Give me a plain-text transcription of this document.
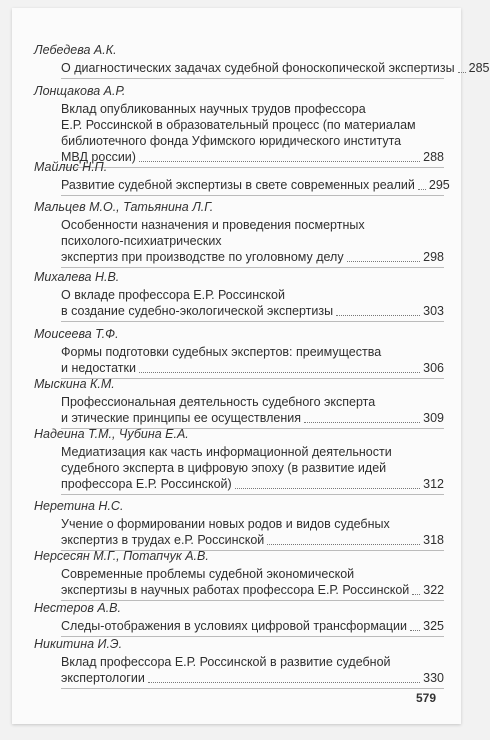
Лебедева А.К.
О диагностических задачах судебной фоноскопической экспертизы 285
Лонщакова А.Р.
Вклад опубликованных научных трудов профессора
Е.Р. Россинской в образовательный процесс (по материалам
библиотечного фонда Уфимского юридического института
МВД россии)	288
Майлис Н.П.
Развитие судебной экспертизы в свете современных реалий 295
Мальцев М.О., Татьянина Л.Г.
Особенности назначения и проведения посмертных
психолого-психиатрических
экспертиз при производстве по уголовному делу	298
Михалева Н.В.
О вкладе профессора Е.Р. Россинской
в создание судебно-экологической экспертизы	303
Моисеева Т.Ф.
Формы подготовки судебных экспертов: преимущества
и недостатки	306
Мыскина К.М.
Профессиональная деятельность судебного эксперта
и этические принципы ее осуществления	309
Надеина Т.М., Чубина Е.А.
Медиатизация как часть информационной деятельности
судебного эксперта в цифровую эпоху (в развитие идей
профессора Е.Р. Россинской)	312
Неретина Н.С.
Учение о формировании новых родов и видов судебных
экспертиз в трудах е.Р. Россинской	318
Нерсесян М.Г., Потапчук А.В.
Современные проблемы судебной экономической
экспертизы в научных работах профессора Е.Р. Россинской 322
Нестеров А.В.
Следы-отображения в условиях цифровой трансформации 325
Никитина И.Э.
Вклад профессора Е.Р. Россинской в развитие судебной
экспертологии	330
579
